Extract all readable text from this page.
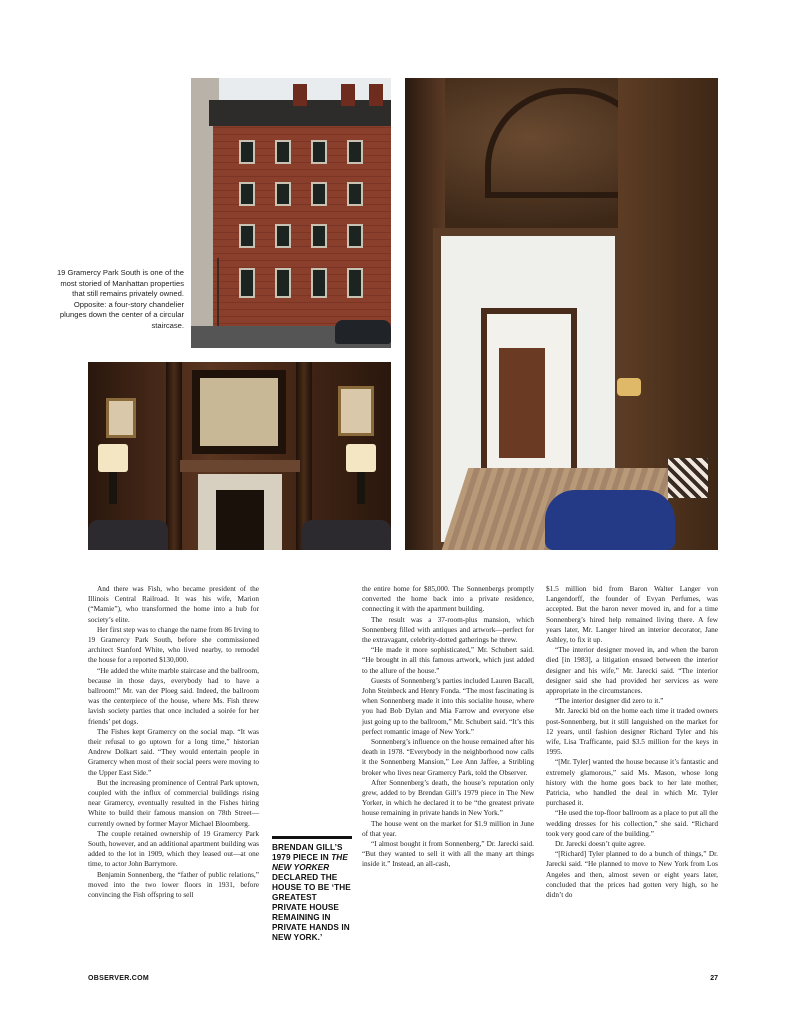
19 Gramercy Park South is one of the most storied of Manhattan properties that still remains privately owned. Opposite: a four-story chandelier plunges down the center of a circular staircase.

And there was Fish, who became president of the Illinois Central Railroad. It was his wife, Marion (“Mamie”), who transformed the home into a hub for society’s elite.

Her first step was to change the name from 86 Irving to 19 Gramercy Park South, before she commissioned architect Stanford White, who lived nearby, to remodel the house for a reported $130,000.

“He added the white marble staircase and the ballroom, because in those days, everybody had to have a ballroom!” Mr. van der Ploeg said. Indeed, the ballroom was the centerpiece of the house, where Ms. Fish threw lavish society parties that once included a soirée for her friends’ pet dogs.

The Fishes kept Gramercy on the social map. “It was their refusal to go uptown for a long time,” historian Andrew Dolkart said. “They would entertain people in Gramercy when most of their social peers were moving to the Upper East Side.”

But the increasing prominence of Central Park uptown, coupled with the influx of commercial buildings rising near Gramercy, eventually resulted in the Fishes hiring White to build their famous mansion on 78th Street—currently owned by former Mayor Michael Bloomberg.

The couple retained ownership of 19 Gramercy Park South, however, and an additional apartment building was added to the lot in 1909, which they leased out—at one time, to actor John Barrymore.

Benjamin Sonnenberg, the “father of public relations,” moved into the two lower floors in 1931, before convincing the Fish offspring to sell

BRENDAN GILL’S 1979 PIECE IN THE NEW YORKER DECLARED THE HOUSE TO BE ‘THE GREATEST PRIVATE HOUSE REMAINING IN PRIVATE HANDS IN NEW YORK.’

the entire home for $85,000. The Sonnenbergs promptly converted the home back into a private residence, connecting it with the apartment building.

The result was a 37-room-plus mansion, which Sonnenberg filled with antiques and artwork—perfect for the extravagant, celebrity-dotted gatherings he threw.

“He made it more sophisticated,” Mr. Schubert said. “He brought in all this famous artwork, which just added to the allure of the house.”

Guests of Sonnenberg’s parties included Lauren Bacall, John Steinbeck and Henry Fonda. “The most fascinating is when Sonnenberg made it into this socialite house, where you had Bob Dylan and Mia Farrow and everyone else just going up to the ballroom,” Mr. Schubert said. “It’s this perfect romantic image of New York.”

Sonnenberg’s influence on the house remained after his death in 1978. “Everybody in the neighborhood now calls it the Sonnenberg Mansion,” Lee Ann Jaffee, a Stribling broker who lives near Gramercy Park, told the Observer.

After Sonnenberg’s death, the house’s reputation only grew, added to by Brendan Gill’s 1979 piece in The New Yorker, in which he declared it to be “the greatest private house remaining in private hands in New York.”

The house went on the market for $1.9 million in June of that year.

“I almost bought it from Sonnenberg,” Dr. Jarecki said. “But they wanted to sell it with all the many art things inside it.” Instead, an all-cash,

$1.5 million bid from Baron Walter Langer von Langendorff, the founder of Evyan Perfumes, was accepted. But the baron never moved in, and for a time Sonnenberg’s hired help remained living there. A few years later, Mr. Langer hired an interior decorator, Jane Ashley, to fix it up.

“The interior designer moved in, and when the baron died [in 1983], a litigation ensued between the interior designer and his wife,” Mr. Jarecki said. “The interior designer said she had provided her services as were appropriate in the circumstances.

“The interior designer did zero to it.”

Mr. Jarecki bid on the home each time it traded owners post-Sonnenberg, but it still languished on the market for 12 years, until fashion designer Richard Tyler and his wife, Lisa Trafficante, paid $3.5 million for the keys in 1995.

“[Mr. Tyler] wanted the house because it’s fantastic and extremely glamorous,” said Ms. Mason, whose long history with the home goes back to her late mother, Patricia, who handled the deal in which Mr. Tyler purchased it.

“He used the top-floor ballroom as a place to put all the wedding dresses for his collection,” she said. “Richard took very good care of the building.”

Dr. Jarecki doesn’t quite agree.

“[Richard] Tyler planned to do a bunch of things,” Dr. Jarecki said. “He planned to move to New York from Los Angeles and then, almost seven or eight years later, concluded that the prices had gotten very high, so he didn’t do

OBSERVER.COM	27
